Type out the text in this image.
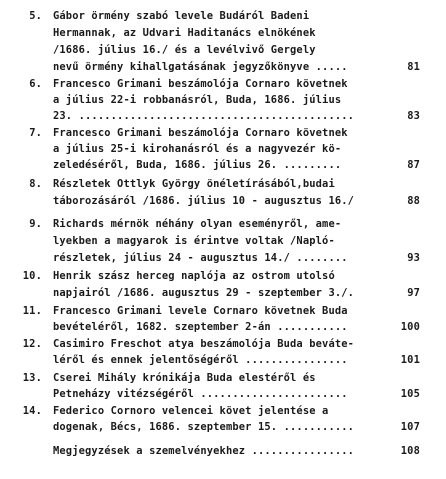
5. Gábor örmény szabó levele Budáról Badeni
Hermannak, az Udvari Haditanács elnökének
/1686. július 16./ és a levélvivő Gergely
nevű örmény kihallgatásának jegyzőkönyve .....	81
6. Francesco Grimani beszámolója Cornaro követnek
a július 22-i robbanásról, Buda, 1686. július
23. ...........................................	83
7. Francesco Grimani beszámolója Cornaro követnek
a július 25-i kirohanásról és a nagyvezér kö-
zeledéséről, Buda, 1686. július 26. .........	87
8. Részletek Ottlyk György önéletírásából,budai
táborozásáról /1686. július 10 - augusztus 16./	88
9. Richards mérnök néhány olyan eseményről, ame-
lyekben a magyarok is érintve voltak /Napló-
részletek, július 24 - augusztus 14./ ........	93
10. Henrik szász herceg naplója az ostrom utolsó
napjairól /1686. augusztus 29 - szeptember 3./.	97
11. Francesco Grimani levele Cornaro követnek Buda
bevételéről, 1682. szeptember 2-án ...........	100
12. Casimiro Freschot atya beszámolója Buda beváte-
léről és ennek jelentőségéről ................	101
13. Cserei Mihály krónikája Buda elestéről és
Petneházy vitézségéről .......................	105
14. Federico Cornoro velencei követ jelentése a
dogenak, Bécs, 1686. szeptember 15. ...........	107
Megjegyzések a szemelvényekhez ................	108
